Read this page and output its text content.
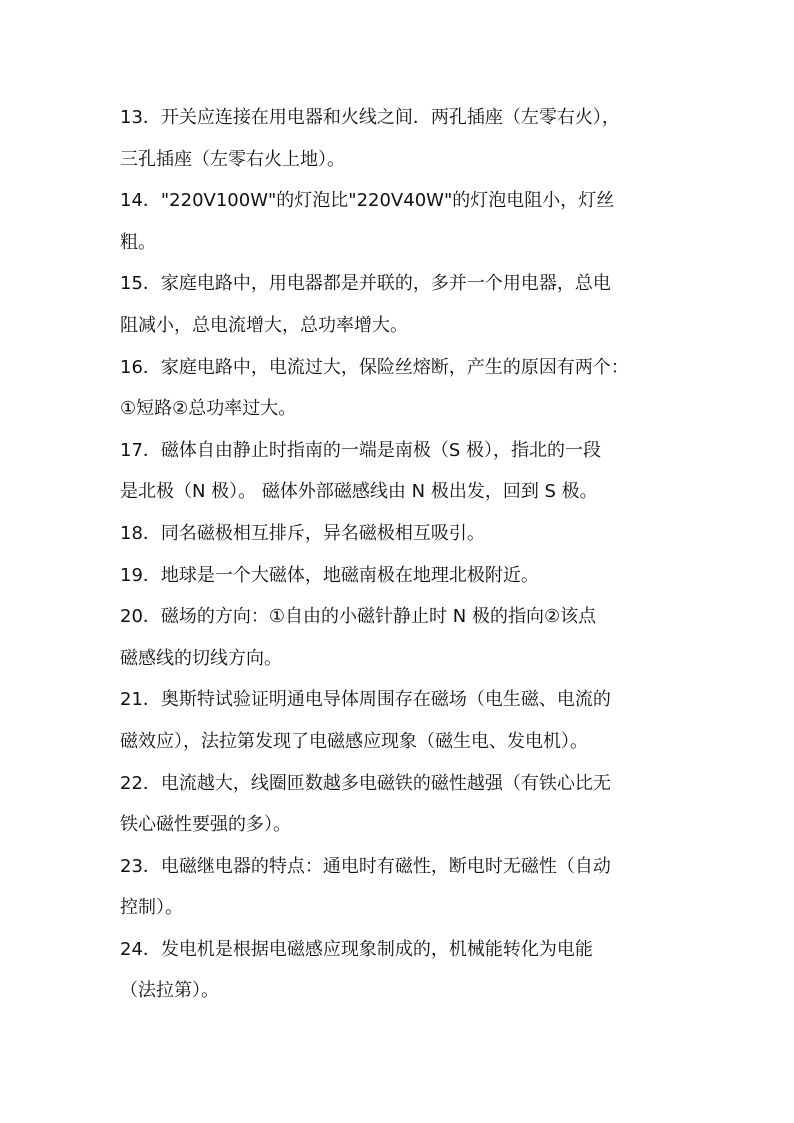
13．开关应连接在用电器和火线之间．两孔插座（左零右火），
三孔插座（左零右火上地）。
14．"220V100W"的灯泡比"220V40W"的灯泡电阻小，灯丝
粗。
15．家庭电路中，用电器都是并联的，多并一个用电器，总电
阻减小，总电流增大，总功率增大。
16．家庭电路中，电流过大，保险丝熔断，产生的原因有两个：
①短路②总功率过大。
17．磁体自由静止时指南的一端是南极（S 极），指北的一段
是北极（N 极）。 磁体外部磁感线由 N 极出发，回到 S 极。
18．同名磁极相互排斥，异名磁极相互吸引。
19．地球是一个大磁体，地磁南极在地理北极附近。
20．磁场的方向：①自由的小磁针静止时 N 极的指向②该点
磁感线的切线方向。
21．奥斯特试验证明通电导体周围存在磁场（电生磁、电流的
磁效应），法拉第发现了电磁感应现象（磁生电、发电机）。
22．电流越大，线圈匝数越多电磁铁的磁性越强（有铁心比无
铁心磁性要强的多）。
23．电磁继电器的特点：通电时有磁性，断电时无磁性（自动
控制）。
24．发电机是根据电磁感应现象制成的，机械能转化为电能
（法拉第）。
